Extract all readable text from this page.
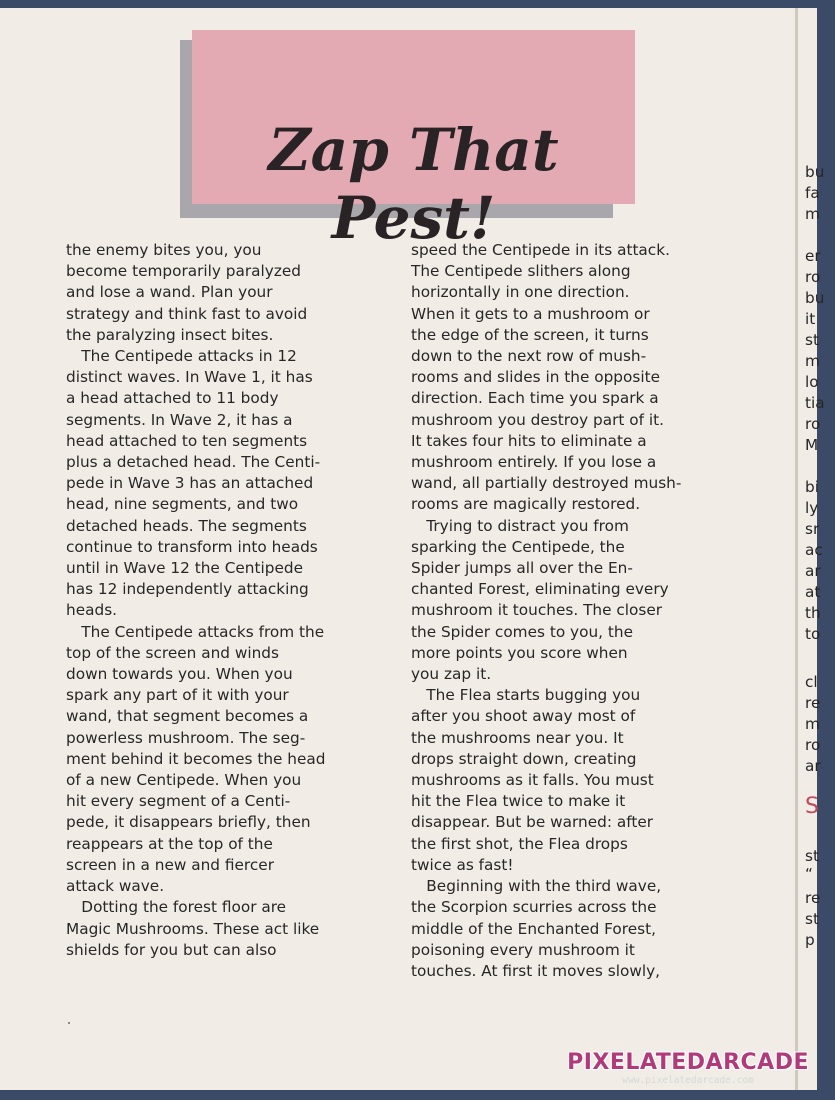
Zap That Pest!

the enemy bites you, you
become temporarily paralyzed
and lose a wand. Plan your
strategy and think fast to avoid
the paralyzing insect bites.

 The Centipede attacks in 12
distinct waves. In Wave 1, it has
a head attached to 11 body
segments. In Wave 2, it has a
head attached to ten segments
plus a detached head. The Centi-
pede in Wave 3 has an attached
head, nine segments, and two
detached heads. The segments
continue to transform into heads
until in Wave 12 the Centipede
has 12 independently attacking
heads.

 The Centipede attacks from the
top of the screen and winds
down towards you. When you
spark any part of it with your
wand, that segment becomes a
powerless mushroom. The seg-
ment behind it becomes the head
of a new Centipede. When you
hit every segment of a Centi-
pede, it disappears briefly, then
reappears at the top of the
screen in a new and fiercer
attack wave.

 Dotting the forest floor are
Magic Mushrooms. These act like
shields for you but can also

speed the Centipede in its attack.
The Centipede slithers along
horizontally in one direction.
When it gets to a mushroom or
the edge of the screen, it turns
down to the next row of mush-
rooms and slides in the opposite
direction. Each time you spark a
mushroom you destroy part of it.
It takes four hits to eliminate a
mushroom entirely. If you lose a
wand, all partially destroyed mush-
rooms are magically restored.

 Trying to distract you from
sparking the Centipede, the
Spider jumps all over the En-
chanted Forest, eliminating every
mushroom it touches. The closer
the Spider comes to you, the
more points you score when
you zap it.

 The Flea starts bugging you
after you shoot away most of
the mushrooms near you. It
drops straight down, creating
mushrooms as it falls. You must
hit the Flea twice to make it
disappear. But be warned: after
the first shot, the Flea drops
twice as fast!

 Beginning with the third wave,
the Scorpion scurries across the
middle of the Enchanted Forest,
poisoning every mushroom it
touches. At first it moves slowly,

bu
fa
m
er
ro
bu
it
st
m
lo
tia
ro
M
bi
ly
sr
ac
ar
at
th
to
cl
re
m
ro
ar
S
st
“
re
st
p
PIXELATEDARCADE
www.pixelatedarcade.com
